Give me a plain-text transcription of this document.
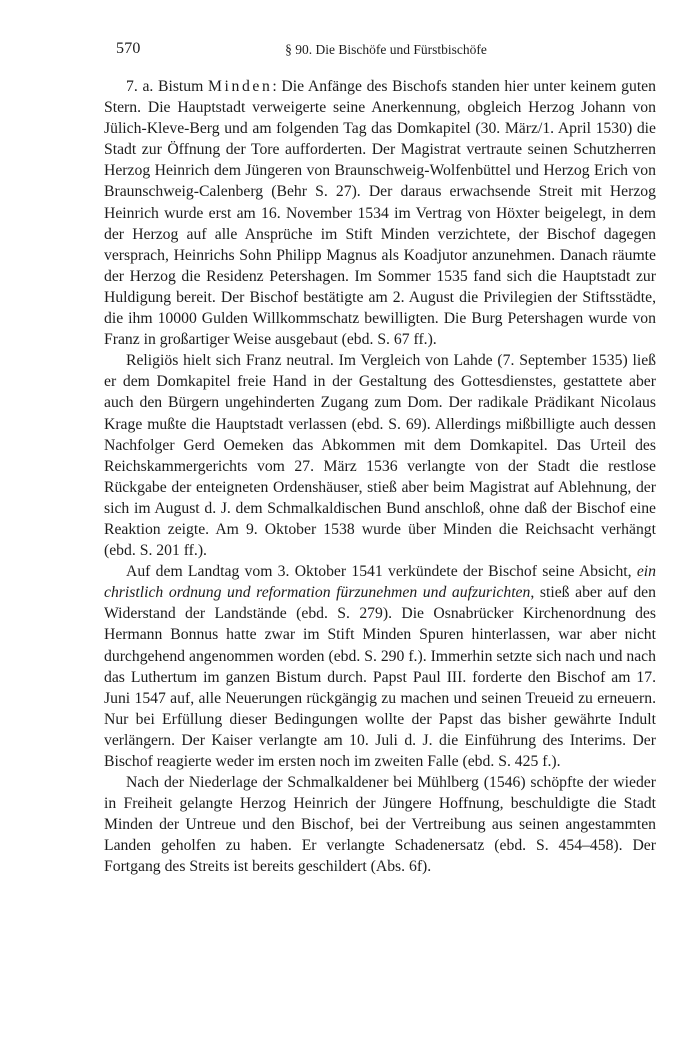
570	§ 90. Die Bischöfe und Fürstbischöfe

7. a. Bistum Minden: Die Anfänge des Bischofs standen hier unter keinem guten Stern. Die Hauptstadt verweigerte seine Anerkennung, obgleich Herzog Johann von Jülich-Kleve-Berg und am folgenden Tag das Domkapitel (30. März/1. April 1530) die Stadt zur Öffnung der Tore aufforderten. Der Magistrat vertraute seinen Schutzherren Herzog Heinrich dem Jüngeren von Braunschweig-Wolfenbüttel und Herzog Erich von Braunschweig-Calenberg (Behr S. 27). Der daraus erwachsende Streit mit Herzog Heinrich wurde erst am 16. November 1534 im Vertrag von Höxter beigelegt, in dem der Herzog auf alle Ansprüche im Stift Minden verzichtete, der Bischof dagegen versprach, Heinrichs Sohn Philipp Magnus als Koadjutor anzunehmen. Danach räumte der Herzog die Residenz Petershagen. Im Sommer 1535 fand sich die Hauptstadt zur Huldigung bereit. Der Bischof bestätigte am 2. August die Privilegien der Stiftsstädte, die ihm 10000 Gulden Willkommschatz bewilligten. Die Burg Petershagen wurde von Franz in großartiger Weise ausgebaut (ebd. S. 67 ff.).

Religiös hielt sich Franz neutral. Im Vergleich von Lahde (7. September 1535) ließ er dem Domkapitel freie Hand in der Gestaltung des Gottesdienstes, gestattete aber auch den Bürgern ungehinderten Zugang zum Dom. Der radikale Prädikant Nicolaus Krage mußte die Hauptstadt verlassen (ebd. S. 69). Allerdings mißbilligte auch dessen Nachfolger Gerd Oemeken das Abkommen mit dem Domkapitel. Das Urteil des Reichskammergerichts vom 27. März 1536 verlangte von der Stadt die restlose Rückgabe der enteigneten Ordenshäuser, stieß aber beim Magistrat auf Ablehnung, der sich im August d. J. dem Schmalkaldischen Bund anschloß, ohne daß der Bischof eine Reaktion zeigte. Am 9. Oktober 1538 wurde über Minden die Reichsacht verhängt (ebd. S. 201 ff.).

Auf dem Landtag vom 3. Oktober 1541 verkündete der Bischof seine Absicht, ein christlich ordnung und reformation fürzunehmen und aufzurichten, stieß aber auf den Widerstand der Landstände (ebd. S. 279). Die Osnabrücker Kirchenordnung des Hermann Bonnus hatte zwar im Stift Minden Spuren hinterlassen, war aber nicht durchgehend angenommen worden (ebd. S. 290 f.). Immerhin setzte sich nach und nach das Luthertum im ganzen Bistum durch. Papst Paul III. forderte den Bischof am 17. Juni 1547 auf, alle Neuerungen rückgängig zu machen und seinen Treueid zu erneuern. Nur bei Erfüllung dieser Bedingungen wollte der Papst das bisher gewährte Indult verlängern. Der Kaiser verlangte am 10. Juli d. J. die Einführung des Interims. Der Bischof reagierte weder im ersten noch im zweiten Falle (ebd. S. 425 f.).

Nach der Niederlage der Schmalkaldener bei Mühlberg (1546) schöpfte der wieder in Freiheit gelangte Herzog Heinrich der Jüngere Hoffnung, beschuldigte die Stadt Minden der Untreue und den Bischof, bei der Vertreibung aus seinen angestammten Landen geholfen zu haben. Er verlangte Schadenersatz (ebd. S. 454–458). Der Fortgang des Streits ist bereits geschildert (Abs. 6f).
